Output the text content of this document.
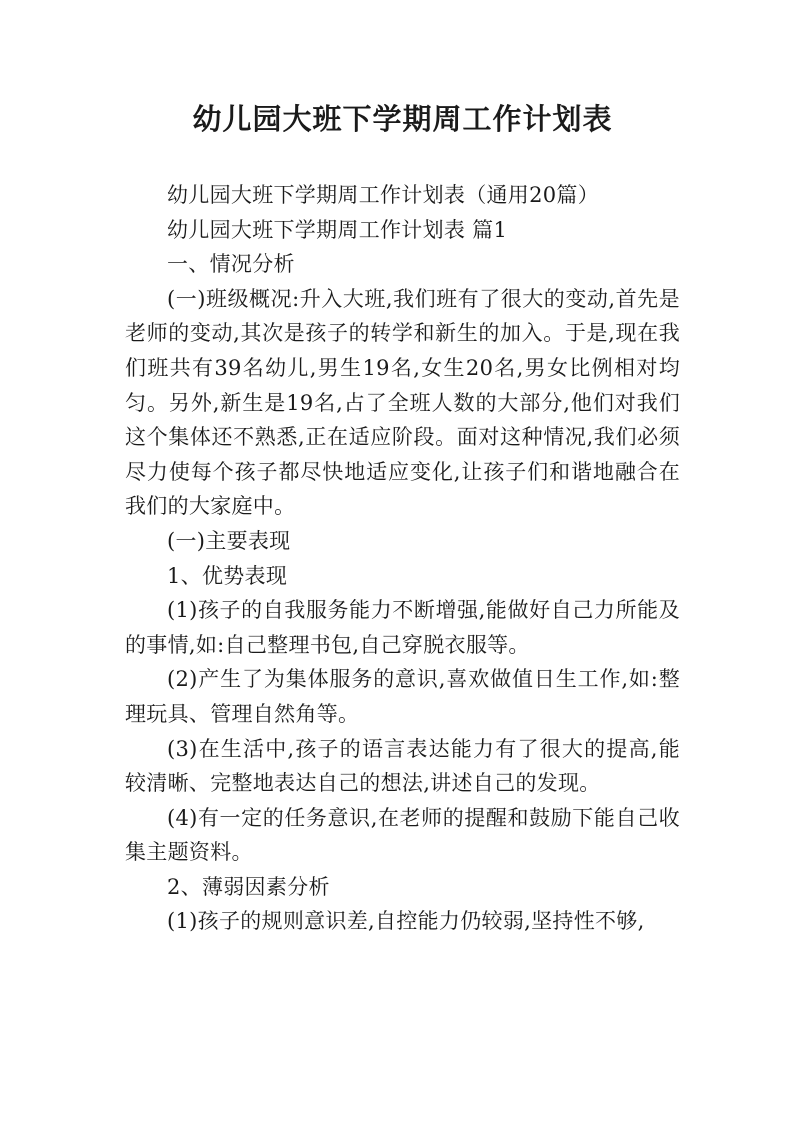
幼儿园大班下学期周工作计划表

幼儿园大班下学期周工作计划表（通用20篇）

幼儿园大班下学期周工作计划表 篇1

一、情况分析

(一)班级概况:升入大班,我们班有了很大的变动,首先是老师的变动,其次是孩子的转学和新生的加入。于是,现在我们班共有39名幼儿,男生19名,女生20名,男女比例相对均匀。另外,新生是19名,占了全班人数的大部分,他们对我们这个集体还不熟悉,正在适应阶段。面对这种情况,我们必须尽力使每个孩子都尽快地适应变化,让孩子们和谐地融合在我们的大家庭中。

(一)主要表现

1、优势表现

(1)孩子的自我服务能力不断增强,能做好自己力所能及的事情,如:自己整理书包,自己穿脱衣服等。

(2)产生了为集体服务的意识,喜欢做值日生工作,如:整理玩具、管理自然角等。

(3)在生活中,孩子的语言表达能力有了很大的提高,能较清晰、完整地表达自己的想法,讲述自己的发现。

(4)有一定的任务意识,在老师的提醒和鼓励下能自己收集主题资料。

2、薄弱因素分析

(1)孩子的规则意识差,自控能力仍较弱,坚持性不够,
